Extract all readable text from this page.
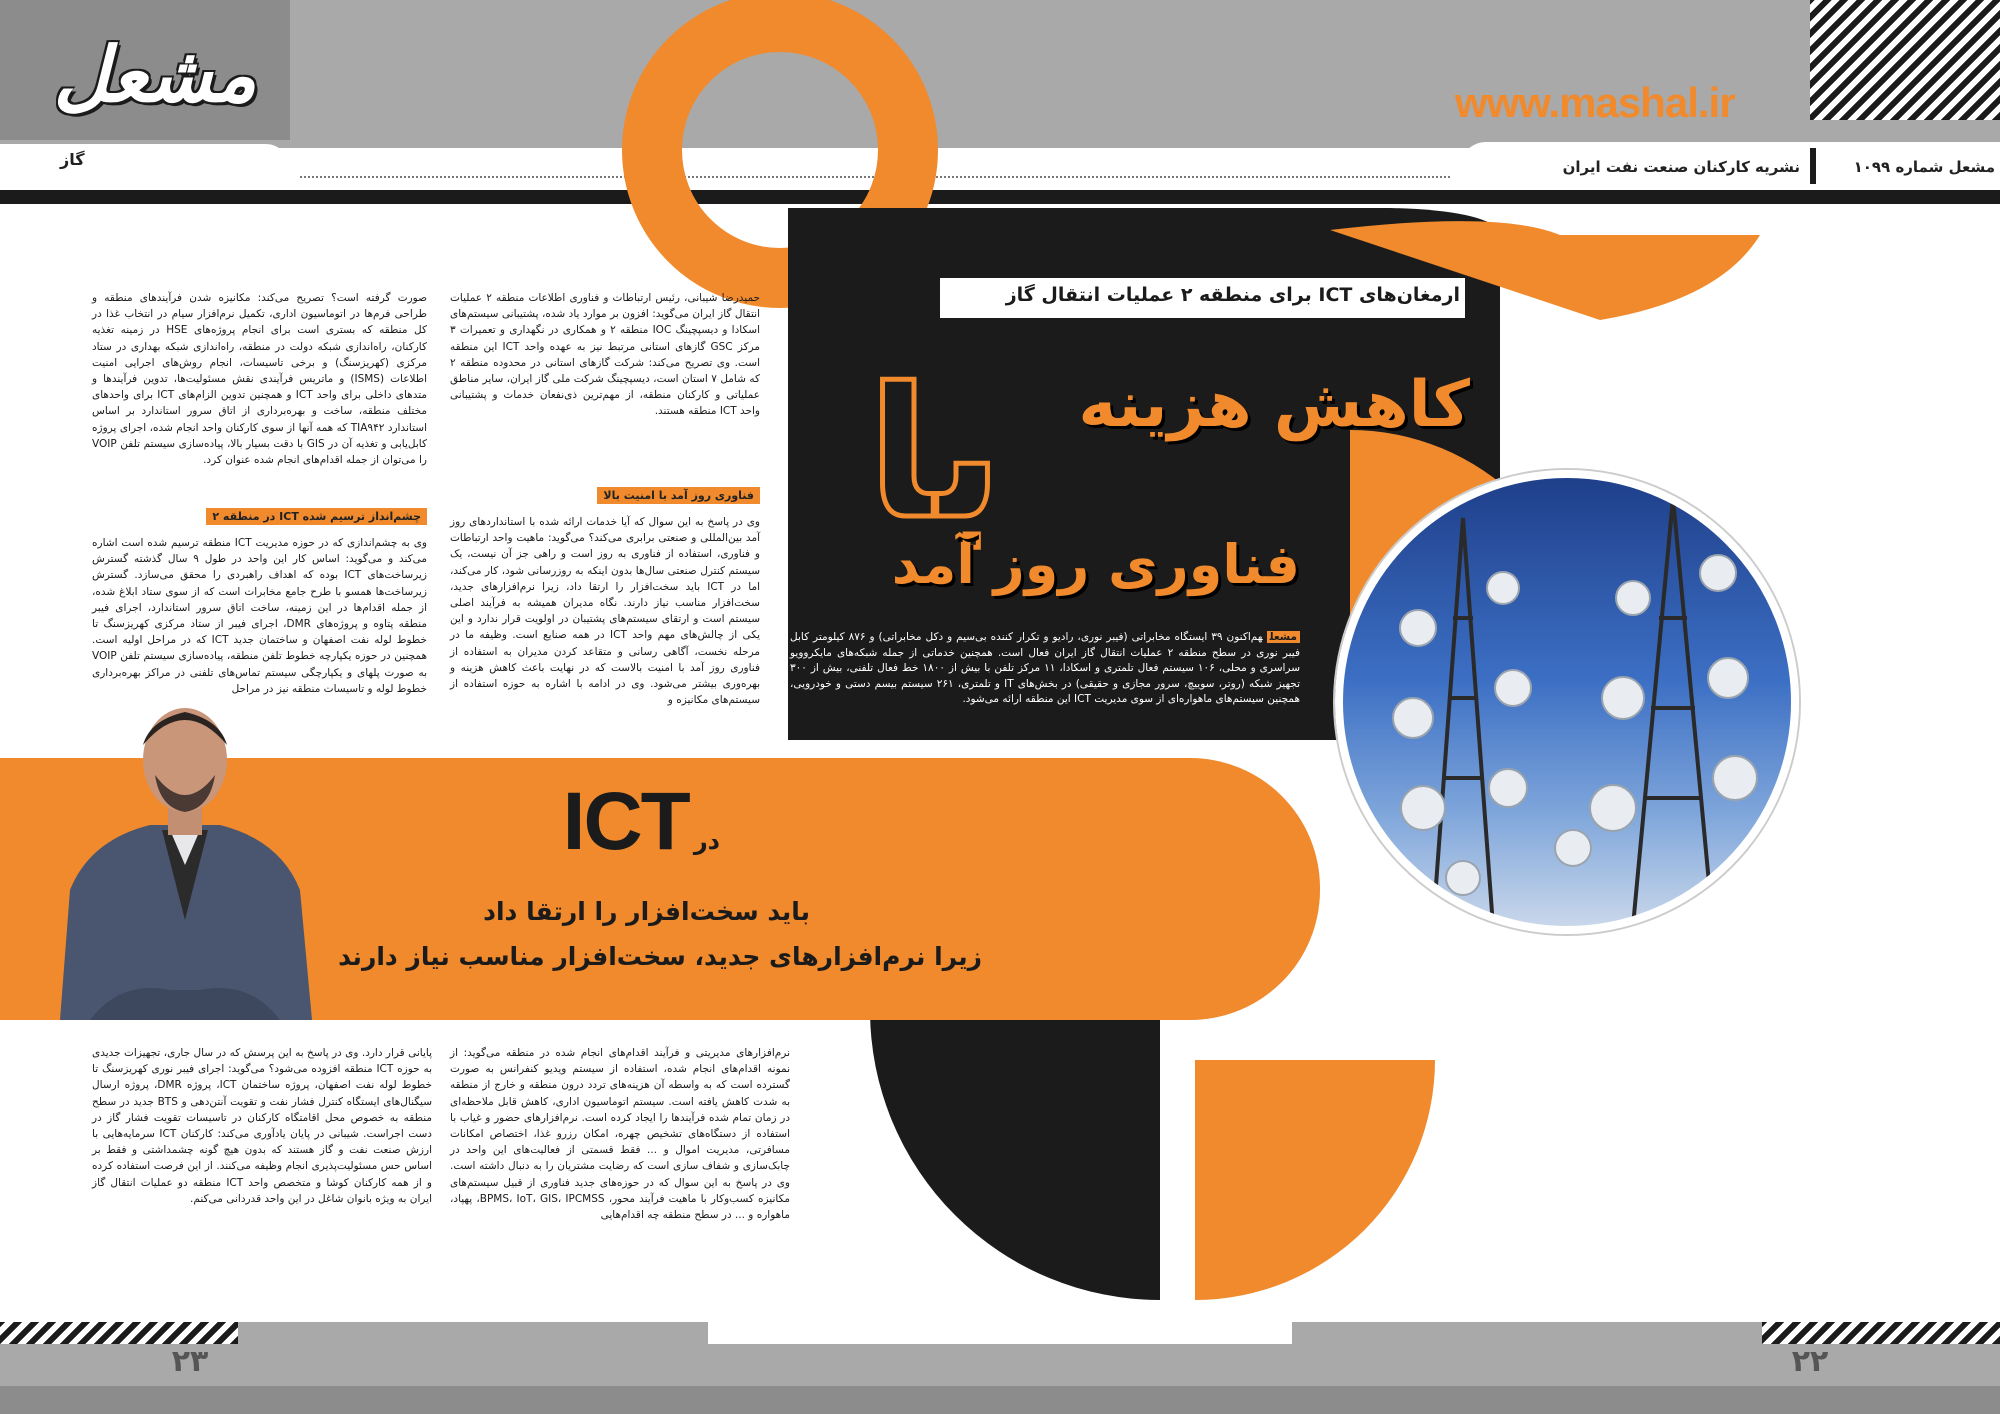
مشعل
گاز
www.mashal.ir
مشعل شماره ۱۰۹۹
نشریه کارکنان صنعت نفت ایران
ارمغان‌های ICT برای منطقه ۲ عملیات انتقال گاز
با	کاهش هزینه
فناوری روز آمد
مشعلهم‌اکنون ۳۹ ایستگاه مخابراتی (فیبر نوری، رادیو و تکرار کننده بی‌سیم و دکل مخابراتی) و ۸۷۶ کیلومتر کابل فیبر نوری در سطح منطقه ۲ عملیات انتقال گاز ایران فعال است. همچنین خدماتی از جمله شبکه‌های مایکروویو سراسری و محلی، ۱۰۶ سیستم فعال تلمتری و اسکادا، ۱۱ مرکز تلفن با بیش از ۱۸۰۰ خط فعال تلفنی، بیش از ۳۰۰ تجهیز شبکه (روتر، سوییچ، سرور مجازی و حقیقی) در بخش‌های IT و تلمتری، ۲۶۱ سیستم بیسم دستی و خودرویی، همچنین سیستم‌های ماهواره‌ای از سوی مدیریت ICT این منطقه ارائه می‌شود.
در ICT
باید سخت‌افزار را ارتقا داد
زیرا نرم‌افزارهای جدید، سخت‌افزار مناسب نیاز دارند
حمیدرضا شیبانی، رئیس ارتباطات و فناوری اطلاعات منطقه ۲ عملیات انتقال گاز ایران می‌گوید: افزون بر موارد یاد شده، پشتیبانی سیستم‌های اسکادا و دیسپچینگ IOC منطقه ۲ و همکاری در نگهداری و تعمیرات ۳ مرکز GSC گازهای استانی مرتبط نیز به عهده واحد ICT این منطقه است. وی تصریح می‌کند: شرکت گازهای استانی در محدوده منطقه ۲ که شامل ۷ استان است، دیسپچینگ شرکت ملی گاز ایران، سایر مناطق عملیاتی و کارکنان منطقه، از مهم‌ترین ذی‌نفعان خدمات و پشتیبانی واحد ICT منطقه هستند.
فناوری روز آمد با امنیت بالا
وی در پاسخ به این سوال که آیا خدمات ارائه شده با استانداردهای روز آمد بین‌المللی و صنعتی برابری می‌کند؟ می‌گوید: ماهیت واحد ارتباطات و فناوری، استفاده از فناوری به روز است و راهی جز آن نیست، یک سیستم کنترل صنعتی سال‌ها بدون اینکه به روزرسانی شود، کار می‌کند، اما در ICT باید سخت‌افزار را ارتقا داد، زیرا نرم‌افزارهای جدید، سخت‌افزار مناسب نیاز دارند. نگاه مدیران همیشه به فرآیند اصلی سیستم است و ارتقای سیستم‌های پشتیبان در اولویت قرار ندارد و این یکی از چالش‌های مهم واحد ICT در همه صنایع است. وظیفه ما در مرحله نخست، آگاهی رسانی و متقاعد کردن مدیران به استفاده از فناوری روز آمد با امنیت بالاست که در نهایت باعث کاهش هزینه و بهره‌وری بیشتر می‌شود. وی در ادامه با اشاره به حوزه استفاده از سیستم‌های مکانیزه و
صورت گرفته است؟ تصریح می‌کند: مکانیزه شدن فرآیندهای منطقه و طراحی فرم‌ها در اتوماسیون اداری، تکمیل نرم‌افزار سیام در انتخاب غذا در کل منطقه که بستری است برای انجام پروژه‌های HSE در زمینه تغذیه کارکنان، راه‌اندازی شبکه دولت در منطقه، راه‌اندازی شبکه بهداری در ستاد مرکزی (کهریزسنگ) و برخی تاسیسات، انجام روش‌های اجرایی امنیت اطلاعات (ISMS) و ماتریس فرآیندی نقش مسئولیت‌ها، تدوین فرآیندها و متدهای داخلی برای واحد ICT و همچنین تدوین الزام‌های ICT برای واحدهای مختلف منطقه، ساخت و بهره‌برداری از اتاق سرور استاندارد بر اساس استاندارد TIA۹۴۲ که همه آنها از سوی کارکنان واحد انجام شده، اجرای پروژه کابل‌یابی و تغذیه آن در GIS با دقت بسیار بالا، پیاده‌سازی سیستم تلفن VOIP را می‌توان از جمله اقدام‌های انجام شده عنوان کرد.
چشم‌انداز ترسیم شده ICT در منطقه ۲
وی به چشم‌اندازی که در حوزه مدیریت ICT منطقه ترسیم شده است اشاره می‌کند و می‌گوید: اساس کار این واحد در طول ۹ سال گذشته گسترش زیرساخت‌های ICT بوده که اهداف راهبردی را محقق می‌سازد. گسترش زیرساخت‌ها همسو با طرح جامع مخابرات است که از سوی ستاد ابلاغ شده، از جمله اقدام‌ها در این زمینه، ساخت اتاق سرور استاندارد، اجرای فیبر منطقه پتاوه و پروژه‌های DMR، اجرای فیبر از ستاد مرکزی کهریزسنگ تا خطوط لوله نفت اصفهان و ساختمان جدید ICT که در مراحل اولیه است. همچنین در حوزه یکپارچه خطوط تلفن منطقه، پیاده‌سازی سیستم تلفن VOIP به صورت پلهای و یکپارچگی سیستم تماس‌های تلفنی در مراکز بهره‌برداری خطوط لوله و تاسیسات منطقه نیز در مراحل
نرم‌افزارهای مدیریتی و فرآیند اقدام‌های انجام شده در منطقه می‌گوید: از نمونه اقدام‌های انجام شده، استفاده از سیستم ویدیو کنفرانس به صورت گسترده است که به واسطه آن هزینه‌های تردد درون منطقه و خارج از منطقه به شدت کاهش یافته است. سیستم اتوماسیون اداری، کاهش قابل ملاحظه‌ای در زمان تمام شده فرآیندها را ایجاد کرده است. نرم‌افزارهای حضور و غیاب با استفاده از دستگاه‌های تشخیص چهره، امکان رزرو غذا، اختصاص امکانات مسافرتی، مدیریت اموال و ... فقط قسمتی از فعالیت‌های این واحد در چابک‌سازی و شفاف سازی است که رضایت مشتریان را به دنبال داشته است. وی در پاسخ به این سوال که در حوزه‌های جدید فناوری از قبیل سیستم‌های مکانیزه کسب‌وکار با ماهیت فرآیند محور، BPMS، IoT، GIS، IPCMSS، پهپاد، ماهواره و ... در سطح منطقه چه اقدام‌هایی
پایانی قرار دارد. وی در پاسخ به این پرسش که در سال جاری، تجهیزات جدیدی به حوزه ICT منطقه افزوده می‌شود؟ می‌گوید: اجرای فیبر نوری کهریزسنگ تا خطوط لوله نفت اصفهان، پروژه ساختمان ICT، پروژه DMR، پروژه ارسال سیگنال‌های ایستگاه کنترل فشار نفت و تقویت آنتن‌دهی و BTS جدید در سطح منطقه به خصوص محل اقامتگاه کارکنان در تاسیسات تقویت فشار گاز در دست اجراست. شیبانی در پایان یادآوری می‌کند: کارکنان ICT سرمایه‌هایی با ارزش صنعت نفت و گاز هستند که بدون هیچ گونه چشمداشتی و فقط بر اساس حس مسئولیت‌پذیری انجام وظیفه می‌کنند. از این فرصت استفاده کرده و از همه کارکنان کوشا و متخصص واحد ICT منطقه دو عملیات انتقال گاز ایران به ویژه بانوان شاغل در این واحد قدردانی می‌کنم.
۲۳	۲۲
